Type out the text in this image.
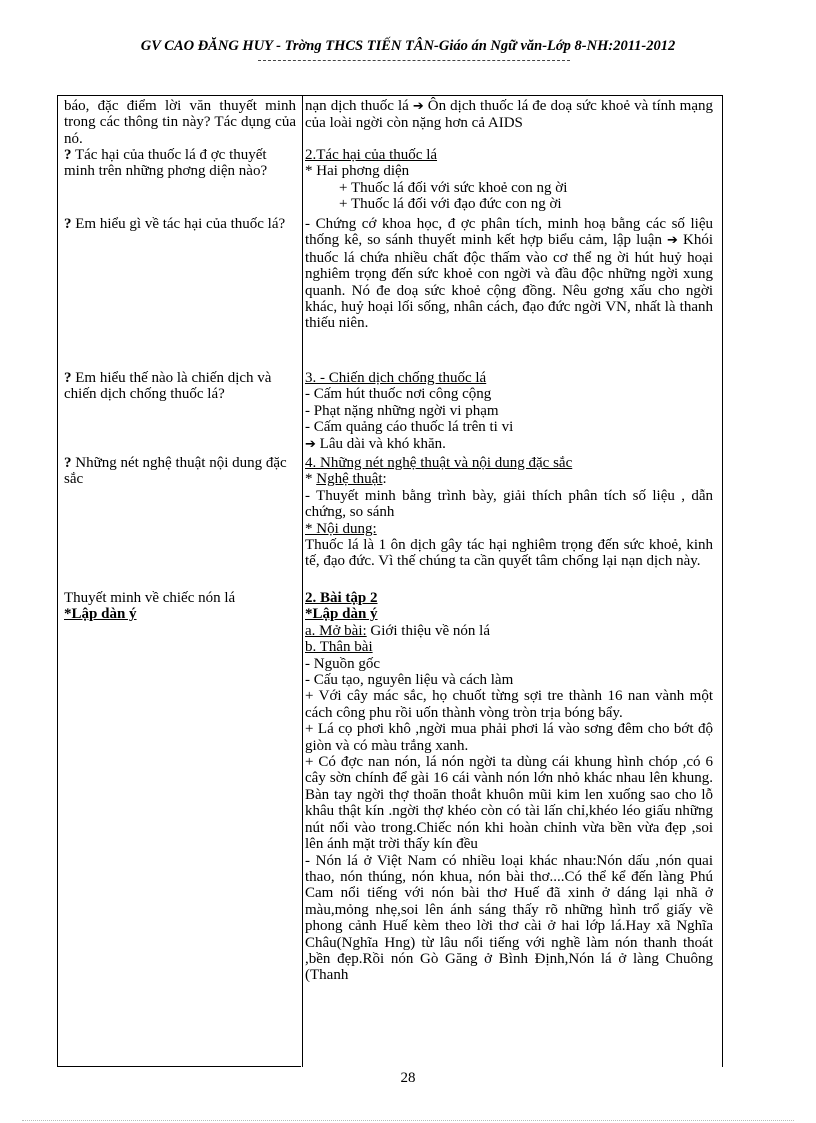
GV CAO ĐĂNG HUY - Trờng THCS TIẾN TÂN-Giáo án Ngữ văn-Lớp 8-NH:2011-2012

báo, đặc điểm lời văn thuyết minh trong các thông tin này? Tác dụng của nó.

? Tác hại của thuốc lá đ ợc thuyết minh trên những phơng diện nào?

? Em hiểu gì về tác hại của thuốc lá?

? Em hiểu thế nào là chiến dịch và chiến dịch chống thuốc lá?

? Những nét nghệ thuật nội dung đặc sắc

Thuyết minh về chiếc nón lá

*Lập dàn ý

nạn dịch thuốc lá ➔ Ôn dịch thuốc lá đe doạ sức khoẻ và tính mạng của loài ngời còn nặng hơn cả AIDS

2.Tác hại của thuốc lá

* Hai phơng diện

+ Thuốc lá đối với sức khoẻ con ng ời

+ Thuốc lá đối với đạo đức con ng ời

- Chứng cớ khoa học, đ ợc phân tích, minh hoạ bằng các số liệu thống kê, so sánh thuyết minh kết hợp biểu cảm, lập luận ➔ Khói thuốc lá chứa nhiều chất độc thấm vào cơ thể ng ời hút huỷ hoại nghiêm trọng đến sức khoẻ con ngời và đầu độc những ngời xung quanh. Nó đe doạ sức khoẻ cộng đồng. Nêu gơng xấu cho ngời khác, huỷ hoại lối sống, nhân cách, đạo đức ngời VN, nhất là thanh thiếu niên.

3. - Chiến dịch chống thuốc lá

- Cấm hút thuốc nơi công cộng

- Phạt nặng những ngời vi phạm

- Cấm quảng cáo thuốc lá trên ti vi

➔ Lâu dài và khó khăn.

4. Những nét nghệ thuật và nội dung đặc sắc

* Nghệ thuật:

- Thuyết minh bằng trình bày, giải thích phân tích số liệu , dẫn chứng, so sánh

* Nội dung:

Thuốc lá là 1 ôn dịch gây tác hại nghiêm trọng đến sức khoẻ, kinh tế, đạo đức. Vì thế chúng ta cần quyết tâm chống lại nạn dịch này.

2. Bài tập 2

*Lập dàn ý

a. Mở bài: Giới thiệu về nón lá

b. Thân bài

- Nguồn gốc

- Cấu tạo, nguyên liệu và cách làm

+ Với cây mác sắc, họ chuốt từng sợi tre thành 16 nan vành một cách công phu rồi uốn thành vòng tròn trịa bóng bẩy.

+ Lá cọ phơi khô ,ngời mua phải phơi lá vào sơng đêm cho bớt độ giòn và có màu trắng xanh.

+ Có đợc nan nón, lá nón ngời ta dùng cái khung hình chóp ,có 6 cây sờn chính để gài 16 cái vành nón lớn nhỏ khác nhau lên khung. Bàn tay ngời thợ thoăn thoắt khuôn mũi kim len xuống sao cho lỗ khâu thật kín .ngời thợ khéo còn có tài lấn chỉ,khéo léo giấu những nút nối vào trong.Chiếc nón khi hoàn chỉnh vừa bền vừa đẹp ,soi lên ánh mặt trời thấy kín đều

- Nón lá ở Việt Nam có nhiều loại khác nhau:Nón dấu ,nón quai thao, nón thúng, nón khua, nón bài thơ....Có thể kể đến làng Phú Cam nổi tiếng với nón bài thơ Huế đã xinh ở dáng lại nhã ở màu,mỏng nhẹ,soi lên ánh sáng thấy rõ những hình trổ giấy về phong cảnh Huế kèm theo lời thơ cài ở hai lớp lá.Hay xã Nghĩa Châu(Nghĩa Hng) từ lâu nổi tiếng với nghề làm nón thanh thoát ,bền đẹp.Rồi nón Gò Găng ở Bình Định,Nón lá ở làng Chuông (Thanh

28
